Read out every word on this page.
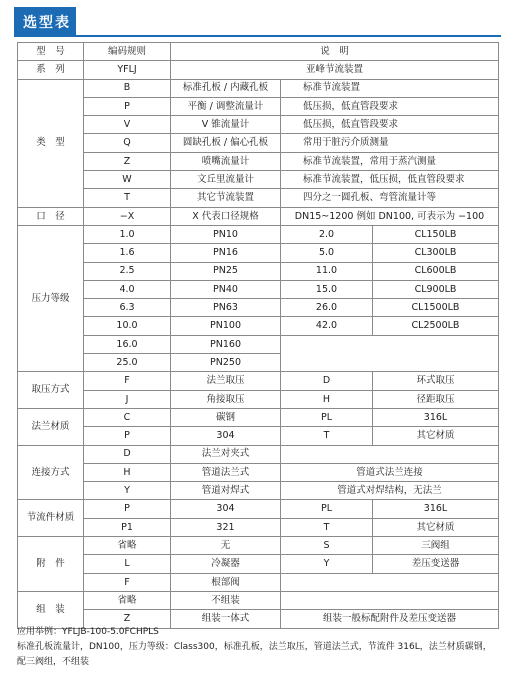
选型表
型　号	编码规则	说　明		
系　列	YFLJ	亚峰节流装置		
类　型	B	标准孔板 / 内藏孔板	标准节流装置	
	P	平衡 / 调整流量计	低压损，低直管段要求	
	V	V 锥流量计	低压损，低直管段要求	
	Q	圆缺孔板 / 偏心孔板	常用于脏污介质测量	
	Z	喷嘴流量计	标准节流装置，常用于蒸汽测量	
	W	文丘里流量计	标准节流装置，低压损，低直管段要求	
	T	其它节流装置	四分之一圆孔板、弯管流量计等	
口　径	−X	X 代表口径规格	DN15~1200 例如 DN100, 可表示为 −100	
压力等级	1.0	PN10	2.0	CL150LB
	1.6	PN16	5.0	CL300LB
	2.5	PN25	11.0	CL600LB
	4.0	PN40	15.0	CL900LB
	6.3	PN63	26.0	CL1500LB
	10.0	PN100	42.0	CL2500LB
	16.0	PN160		
	25.0	PN250		
取压方式	F	法兰取压	D	环式取压
	J	角接取压	H	径距取压
法兰材质	C	碳钢	PL	316L
	P	304	T	其它材质
连接方式	D	法兰对夹式		
	H	管道法兰式	管道式法兰连接	
	Y	管道对焊式	管道式对焊结构，无法兰	
节流件材质	P	304	PL	316L
	P1	321	T	其它材质
附　件	省略	无	S	三阀组
	L	冷凝器	Y	差压变送器
	F	根部阀		
组　装	省略	不组装		
	Z	组装一体式	组装一般标配附件及差压变送器	
应用举例：YFLJB-100-5.0FCHPLS
标准孔板流量计，DN100，压力等级：Class300，标准孔板，法兰取压，管道法兰式，节流件 316L，法兰材质碳钢，
配三阀组，不组装
